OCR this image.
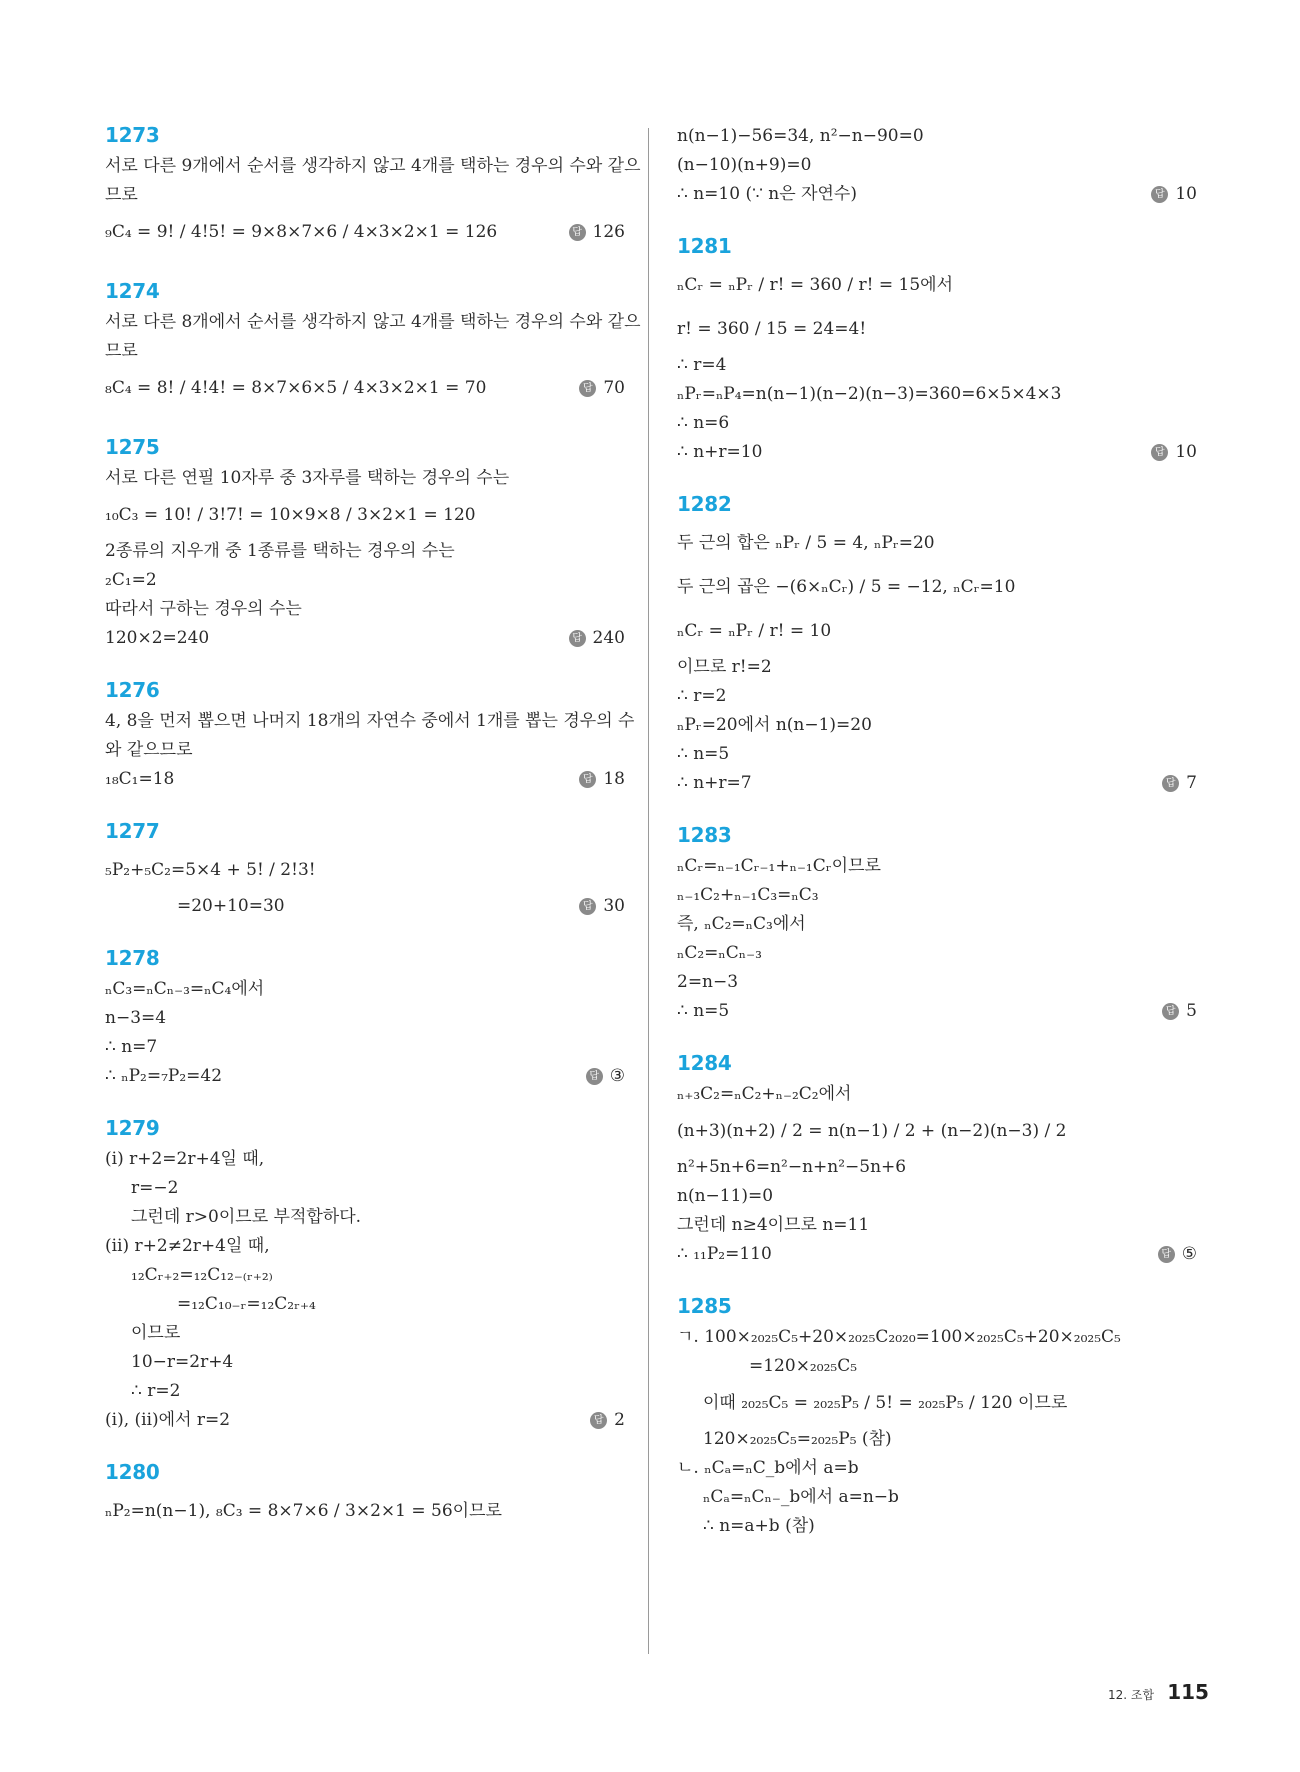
1273
서로 다른 9개에서 순서를 생각하지 않고 4개를 택하는 경우의 수와 같으
므로
₉C₄ = 9! / 4!5! = 9×8×7×6 / 4×3×2×1 = 126	답 126
1274
서로 다른 8개에서 순서를 생각하지 않고 4개를 택하는 경우의 수와 같으
므로
₈C₄ = 8! / 4!4! = 8×7×6×5 / 4×3×2×1 = 70	답 70
1275
서로 다른 연필 10자루 중 3자루를 택하는 경우의 수는
₁₀C₃ = 10! / 3!7! = 10×9×8 / 3×2×1 = 120
2종류의 지우개 중 1종류를 택하는 경우의 수는
₂C₁=2
따라서 구하는 경우의 수는
120×2=240	답 240
1276
4, 8을 먼저 뽑으면 나머지 18개의 자연수 중에서 1개를 뽑는 경우의 수
와 같으므로
₁₈C₁=18	답 18
1277
₅P₂+₅C₂=5×4 + 5! / 2!3!
=20+10=30	답 30
1278
ₙC₃=ₙCₙ₋₃=ₙC₄에서
n−3=4
∴ n=7
∴ ₙP₂=₇P₂=42	답 ③
1279
(ⅰ) r+2=2r+4일 때,
r=−2
그런데 r>0이므로 부적합하다.
(ⅱ) r+2≠2r+4일 때,
₁₂Cᵣ₊₂=₁₂C₁₂₋₍ᵣ₊₂₎
=₁₂C₁₀₋ᵣ=₁₂C₂ᵣ₊₄
이므로
10−r=2r+4
∴ r=2
(ⅰ), (ⅱ)에서 r=2	답 2
1280
ₙP₂=n(n−1), ₈C₃ = 8×7×6 / 3×2×1 = 56이므로
n(n−1)−56=34, n²−n−90=0
(n−10)(n+9)=0
∴ n=10 (∵ n은 자연수)	답 10
1281
ₙCᵣ = ₙPᵣ / r! = 360 / r! = 15에서
r! = 360 / 15 = 24=4!
∴ r=4
ₙPᵣ=ₙP₄=n(n−1)(n−2)(n−3)=360=6×5×4×3
∴ n=6
∴ n+r=10	답 10
1282
두 근의 합은 ₙPᵣ / 5 = 4, ₙPᵣ=20
두 근의 곱은 −(6×ₙCᵣ) / 5 = −12, ₙCᵣ=10
ₙCᵣ = ₙPᵣ / r! = 10
이므로 r!=2
∴ r=2
ₙPᵣ=20에서 n(n−1)=20
∴ n=5
∴ n+r=7	답 7
1283
ₙCᵣ=ₙ₋₁Cᵣ₋₁+ₙ₋₁Cᵣ이므로
ₙ₋₁C₂+ₙ₋₁C₃=ₙC₃
즉, ₙC₂=ₙC₃에서
ₙC₂=ₙCₙ₋₃
2=n−3
∴ n=5	답 5
1284
ₙ₊₃C₂=ₙC₂+ₙ₋₂C₂에서
(n+3)(n+2) / 2 = n(n−1) / 2 + (n−2)(n−3) / 2
n²+5n+6=n²−n+n²−5n+6
n(n−11)=0
그런데 n≥4이므로 n=11
∴ ₁₁P₂=110	답 ⑤
1285
ㄱ. 100×₂₀₂₅C₅+20×₂₀₂₅C₂₀₂₀=100×₂₀₂₅C₅+20×₂₀₂₅C₅
=120×₂₀₂₅C₅
이때 ₂₀₂₅C₅ = ₂₀₂₅P₅ / 5! = ₂₀₂₅P₅ / 120 이므로
120×₂₀₂₅C₅=₂₀₂₅P₅ (참)
ㄴ. ₙCₐ=ₙC_b에서 a=b
ₙCₐ=ₙCₙ₋_b에서 a=n−b
∴ n=a+b (참)
12. 조합 115
